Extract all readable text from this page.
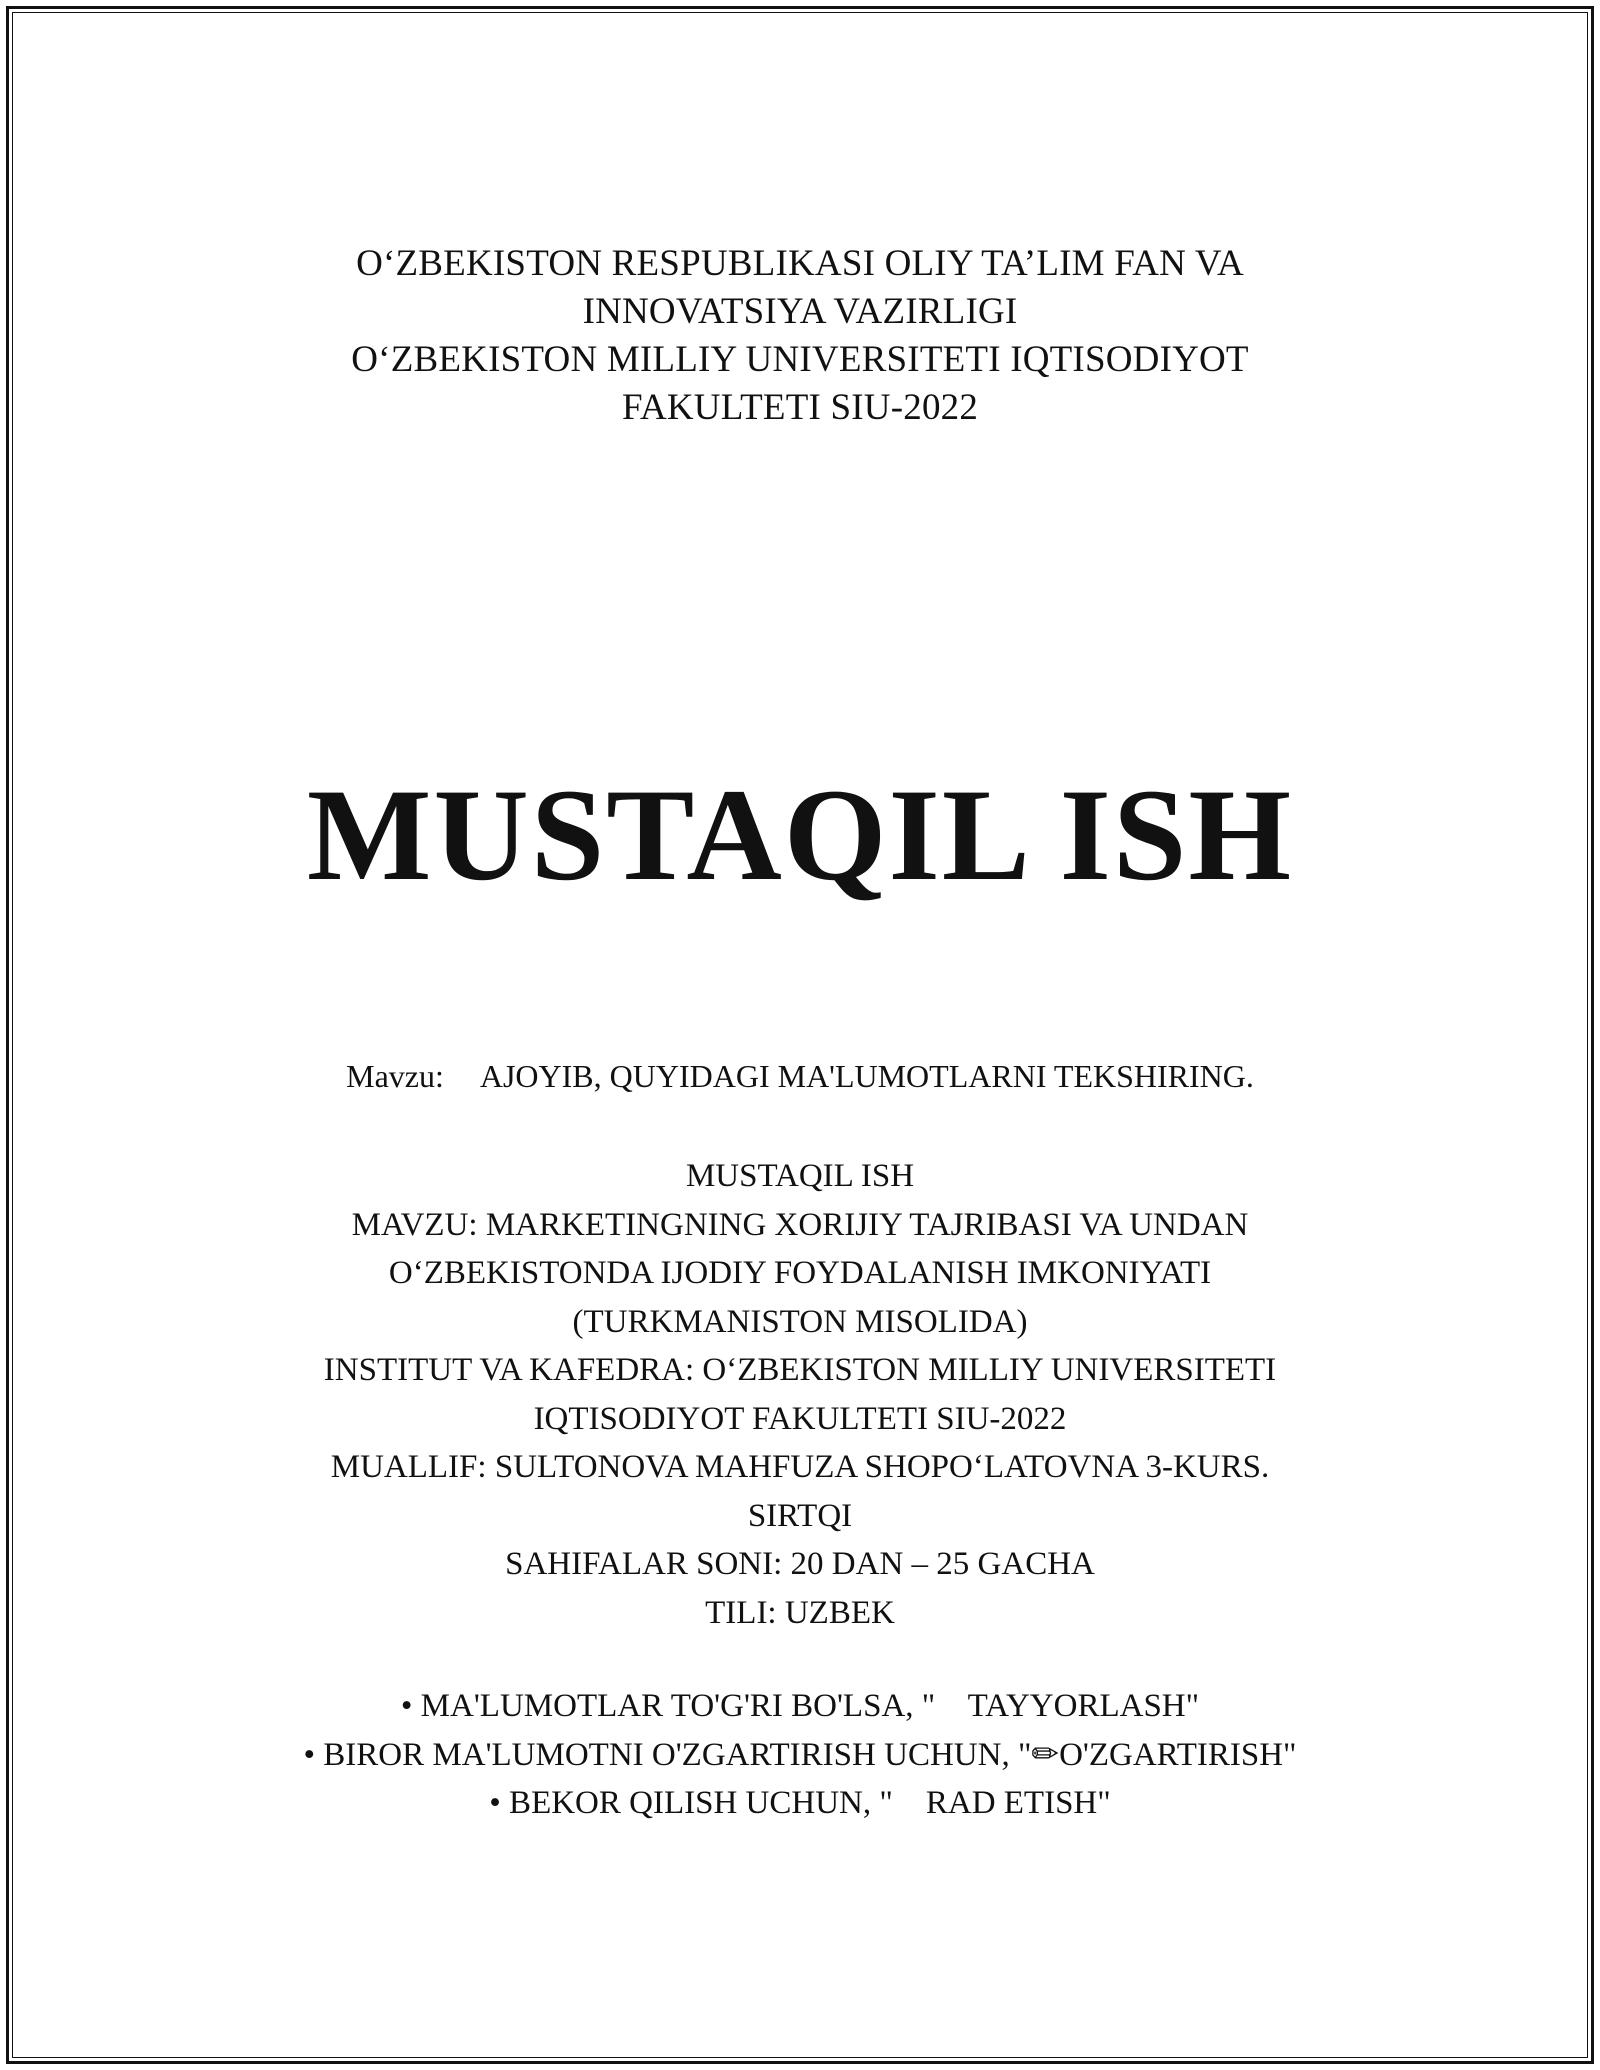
O‘ZBEKISTON RESPUBLIKASI OLIY TA’LIM FAN VA
INNOVATSIYA VAZIRLIGI
O‘ZBEKISTON MILLIY UNIVERSITETI IQTISODIYOT
FAKULTETI SIU-2022
MUSTAQIL ISH
Mavzu: AJOYIB, QUYIDAGI MA'LUMOTLARNI TEKSHIRING.
MUSTAQIL ISH
MAVZU: MARKETINGNING XORIJIY TAJRIBASI VA UNDAN
O‘ZBEKISTONDA IJODIY FOYDALANISH IMKONIYATI
(TURKMANISTON MISOLIDA)
INSTITUT VA KAFEDRA: O‘ZBEKISTON MILLIY UNIVERSITETI
IQTISODIYOT FAKULTETI SIU-2022
MUALLIF: SULTONOVA MAHFUZA SHOPO‘LATOVNA 3-KURS.
SIRTQI
SAHIFALAR SONI: 20 DAN – 25 GACHA
TILI: UZBEK
• MA'LUMOTLAR TO'G'RI BO'LSA, "    TAYYORLASH"
• BIROR MA'LUMOTNI O'ZGARTIRISH UCHUN, "✏O'ZGARTIRISH"
• BEKOR QILISH UCHUN, "    RAD ETISH"
